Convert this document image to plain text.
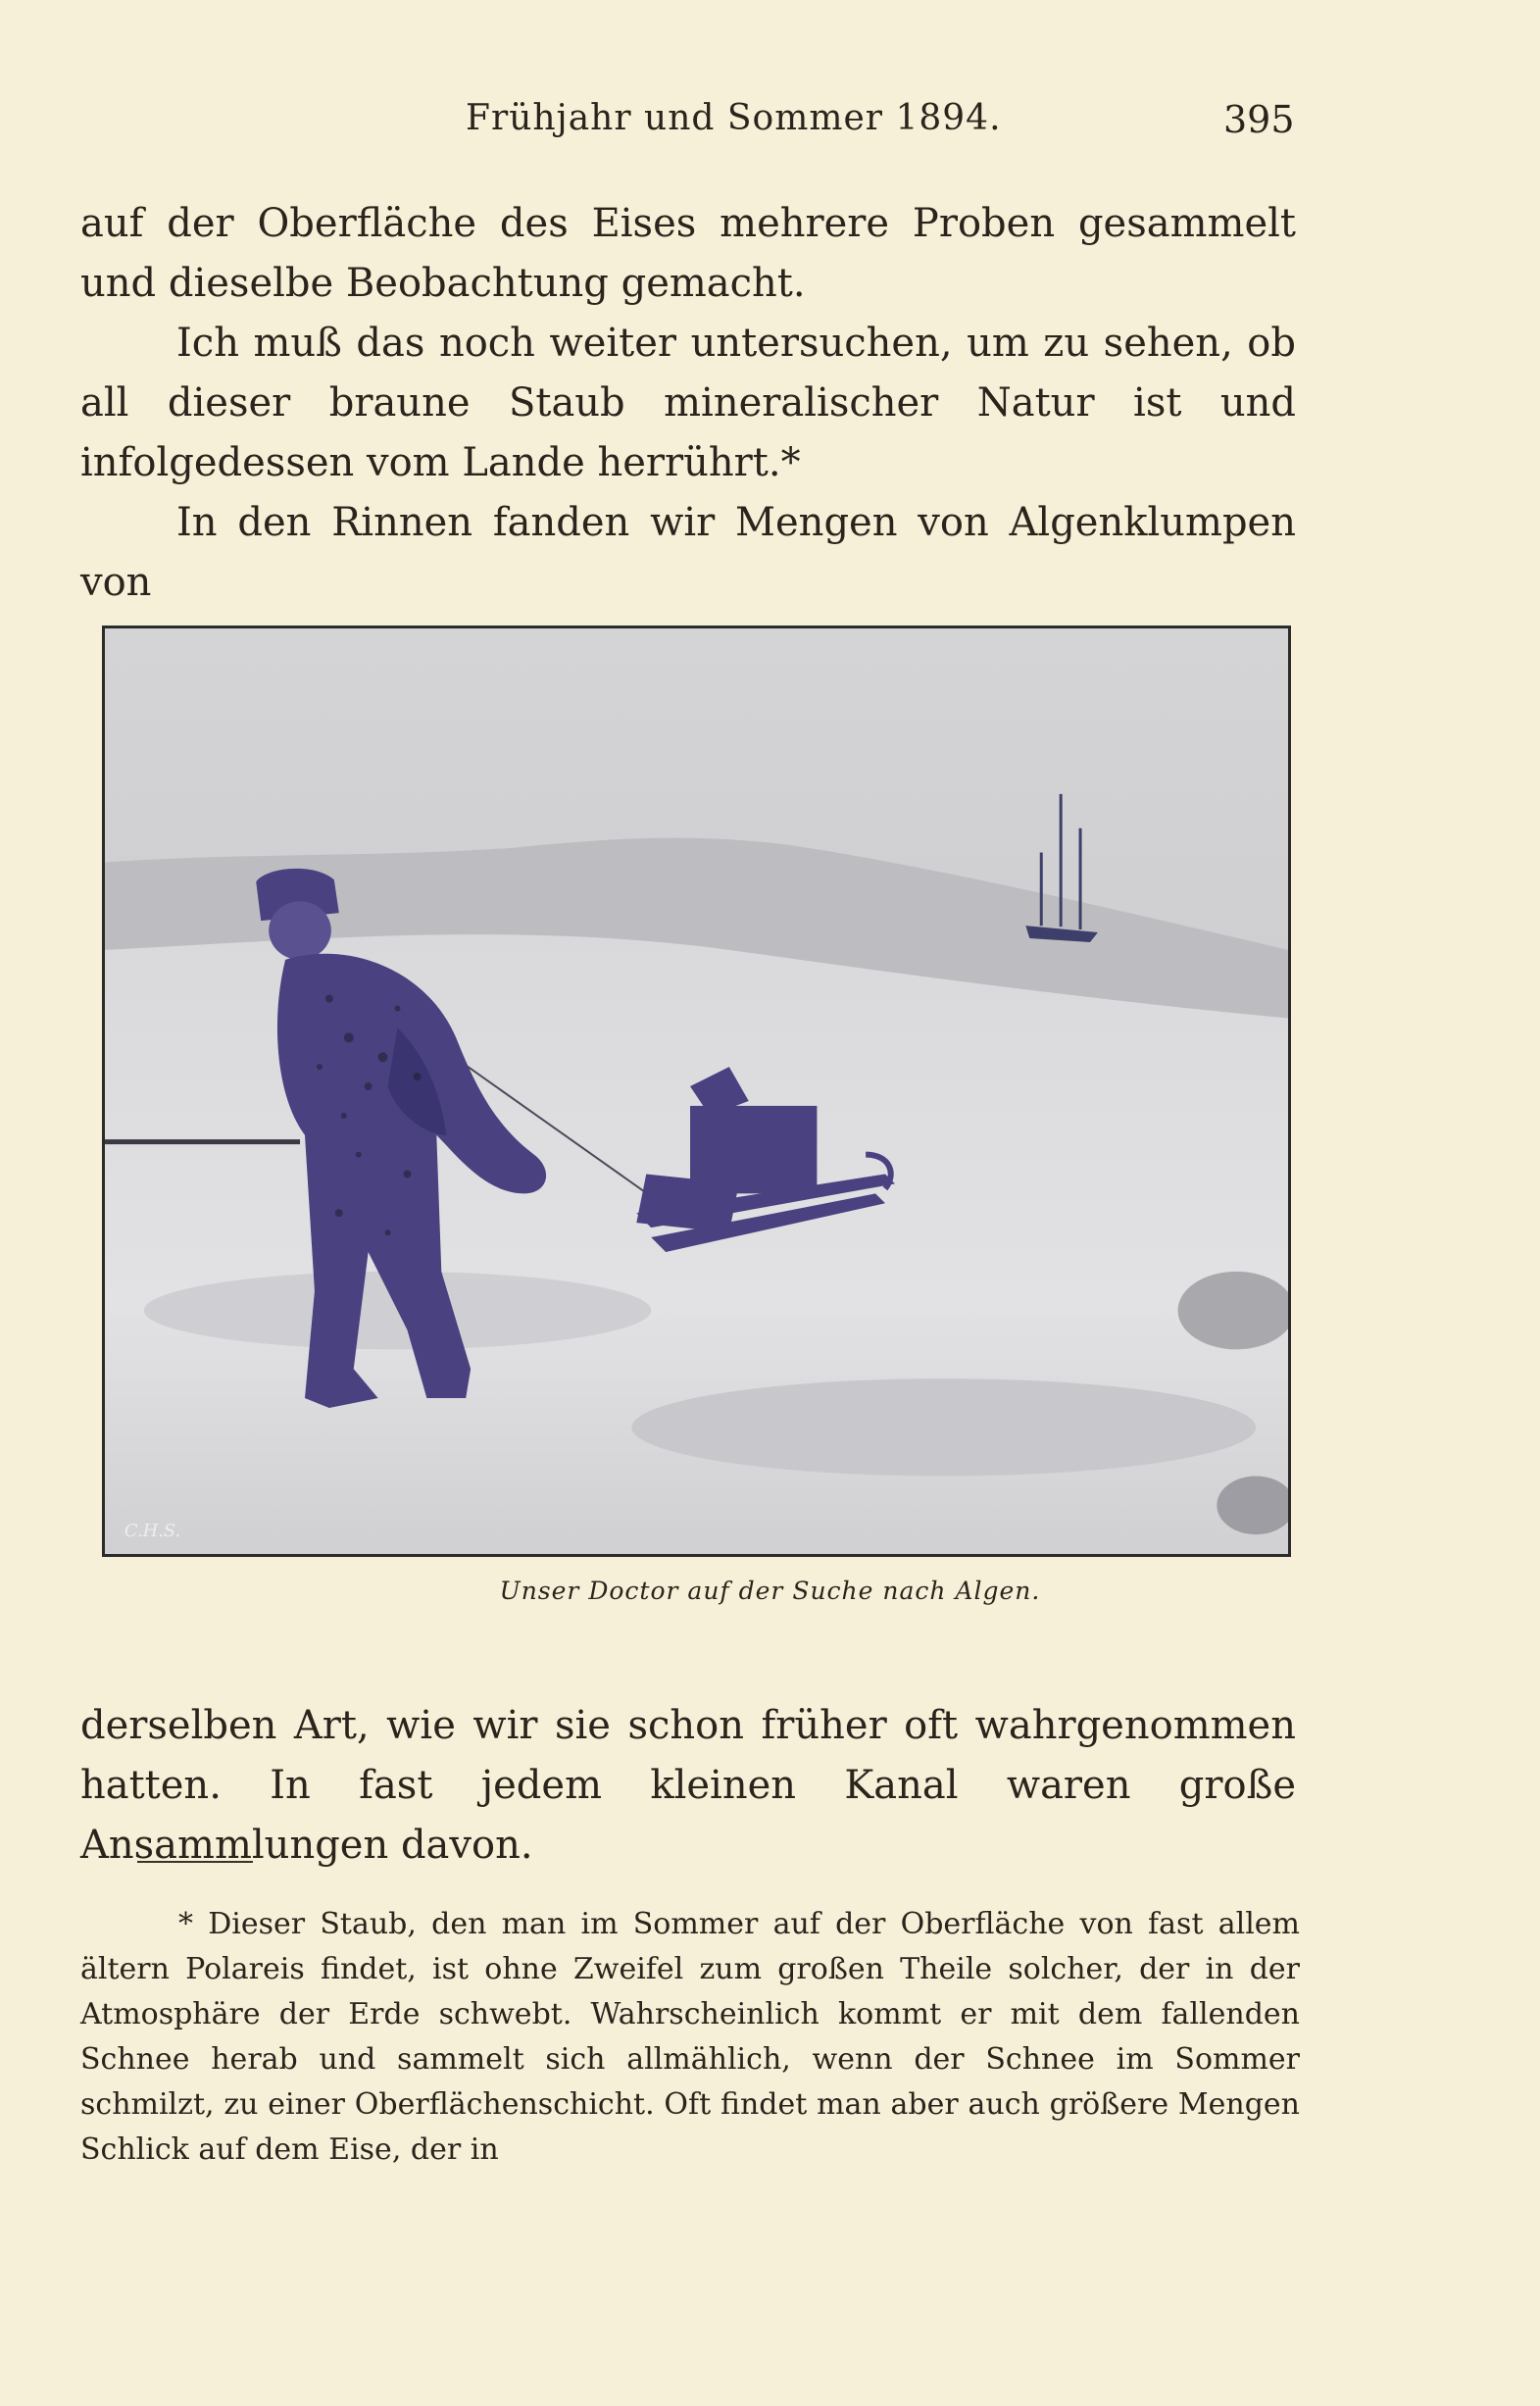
Frühjahr und Sommer 1894.	395

auf der Oberfläche des Eises mehrere Proben gesammelt und dieselbe Beobachtung gemacht.

Ich muß das noch weiter untersuchen, um zu sehen, ob all dieser braune Staub mineralischer Natur ist und infolgedessen vom Lande herrührt.*

In den Rinnen fanden wir Mengen von Algenklumpen von

C.H.S.
Unser Doctor auf der Suche nach Algen.

derselben Art, wie wir sie schon früher oft wahrgenommen hatten. In fast jedem kleinen Kanal waren große Ansammlungen davon.

* Dieser Staub, den man im Sommer auf der Oberfläche von fast allem ältern Polareis findet, ist ohne Zweifel zum großen Theile solcher, der in der Atmosphäre der Erde schwebt. Wahrscheinlich kommt er mit dem fallenden Schnee herab und sammelt sich allmählich, wenn der Schnee im Sommer schmilzt, zu einer Oberflächenschicht. Oft findet man aber auch größere Mengen Schlick auf dem Eise, der in
